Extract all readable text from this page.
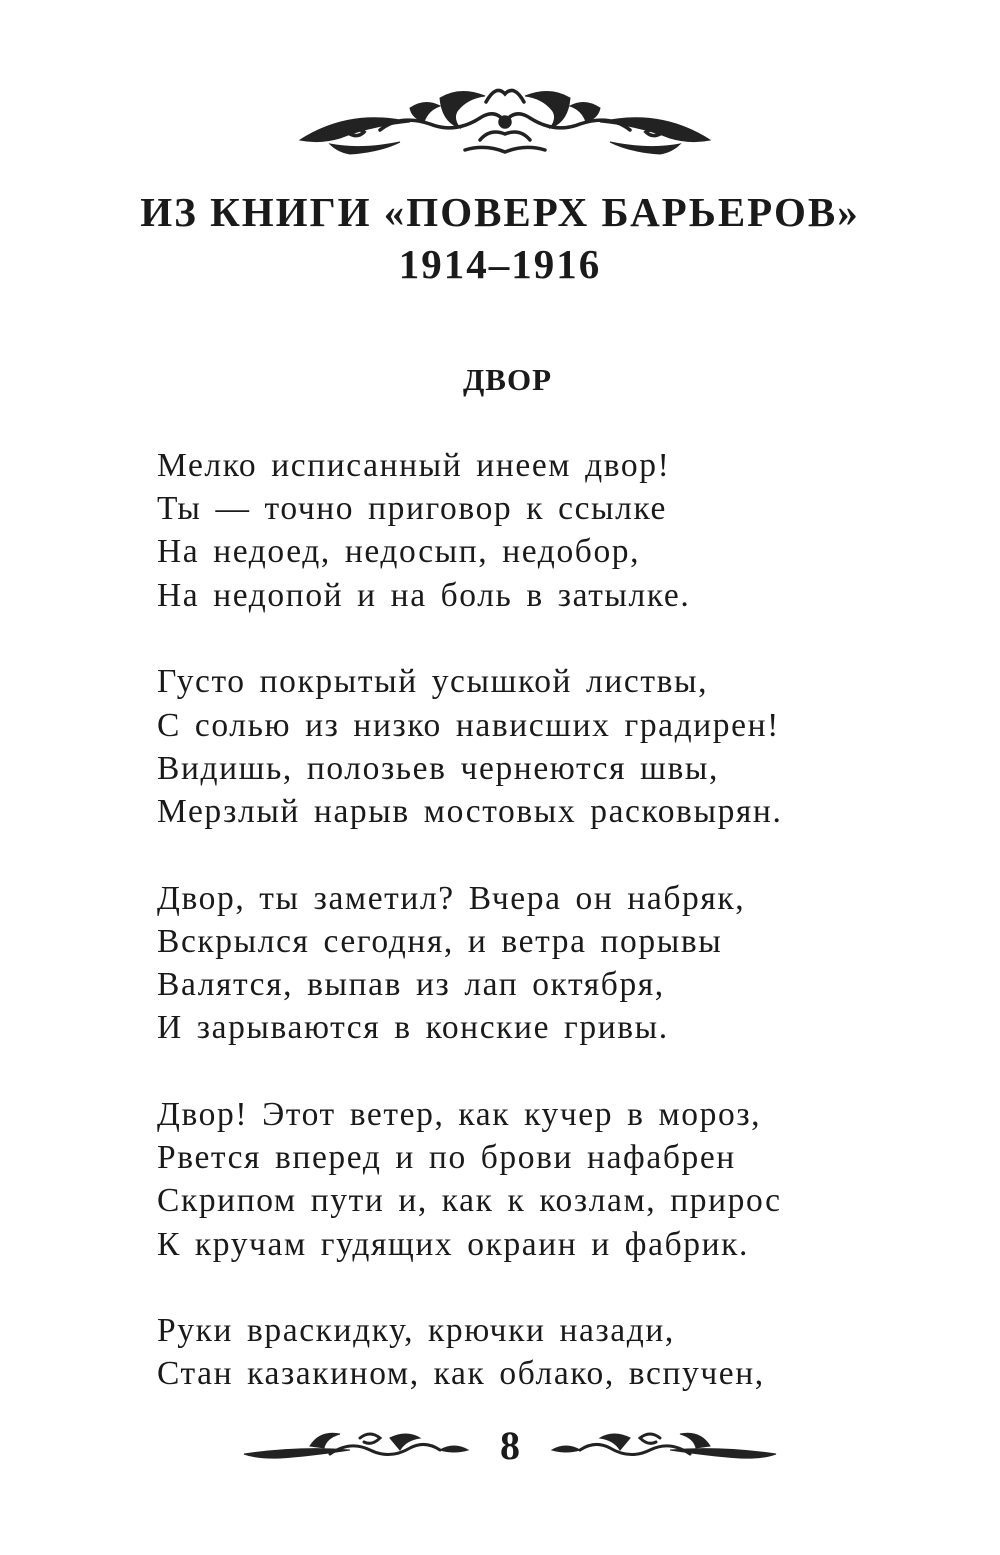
ИЗ КНИГИ «ПОВЕРХ БАРЬЕРОВ»
1914–1916
ДВОР
Мелко исписанный инеем двор!
Ты — точно приговор к ссылке
На недоед, недосып, недобор,
На недопой и на боль в затылке.
Густо покрытый усышкой листвы,
С солью из низко нависших градирен!
Видишь, полозьев чернеются швы,
Мерзлый нарыв мостовых расковырян.
Двор, ты заметил? Вчера он набряк,
Вскрылся сегодня, и ветра порывы
Валятся, выпав из лап октября,
И зарываются в конские гривы.
Двор! Этот ветер, как кучер в мороз,
Рвется вперед и по брови нафабрен
Скрипом пути и, как к козлам, прирос
К кручам гудящих окраин и фабрик.
Руки враскидку, крючки назади,
Стан казакином, как облако, вспучен,
8
